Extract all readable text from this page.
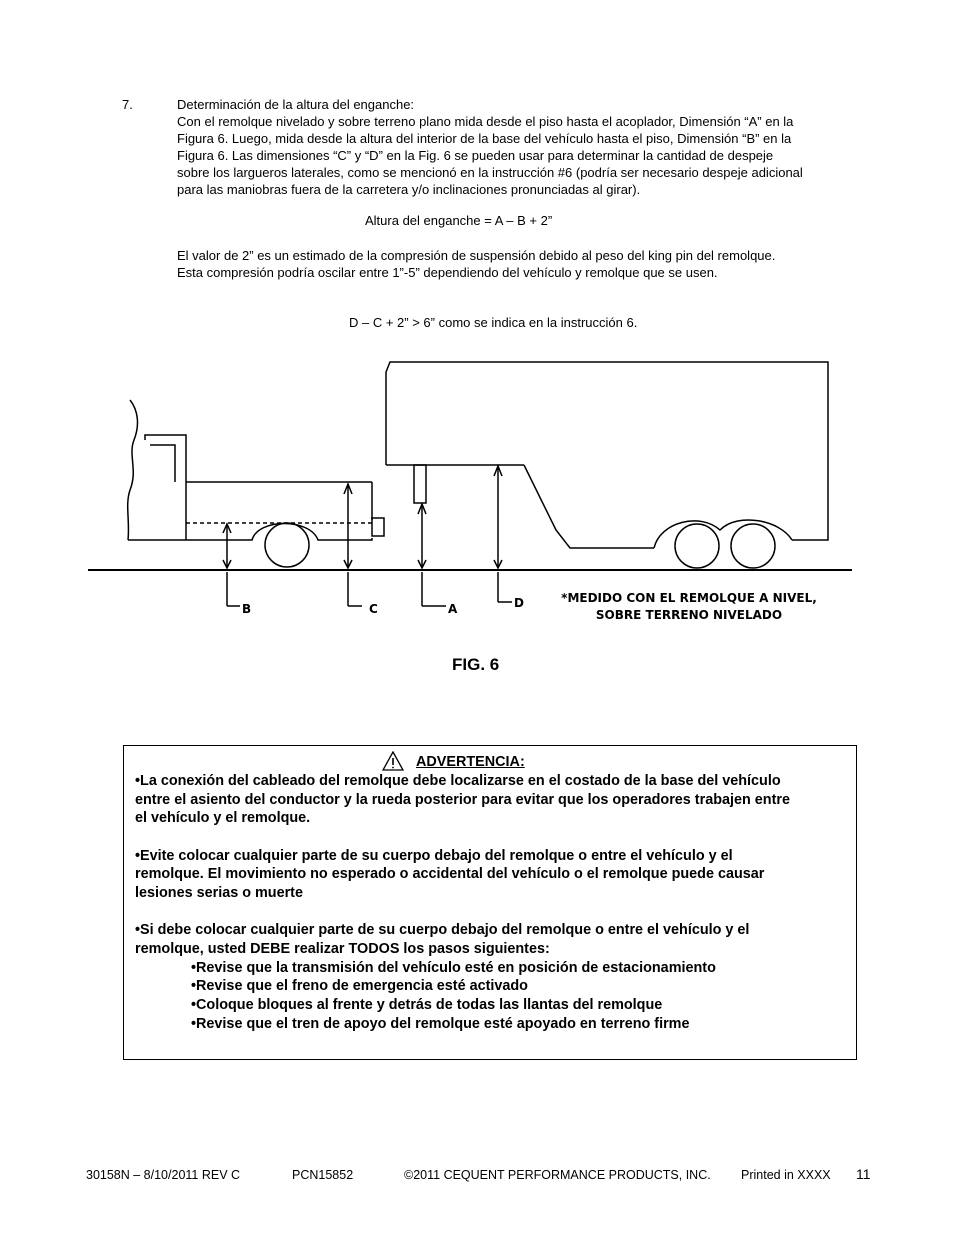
7.	Determinación de la altura del enganche:
Con el remolque nivelado y sobre terreno plano mida desde el piso hasta el acoplador, Dimensión “A” en la
Figura 6. Luego, mida desde la altura del interior de la base del vehículo hasta el piso, Dimensión “B” en la
Figura 6. Las dimensiones “C” y “D” en la Fig. 6 se pueden usar para determinar la cantidad de despeje
sobre los largueros laterales, como se mencionó en la instrucción #6 (podría ser necesario despeje adicional
para las maniobras fuera de la carretera y/o inclinaciones pronunciadas al girar).
Altura del enganche = A – B + 2”
El valor de 2” es un estimado de la compresión de suspensión debido al peso del king pin del remolque.
Esta compresión podría oscilar entre 1”-5” dependiendo del vehículo y remolque que se usen.
D – C + 2” > 6” como se indica en la instrucción 6.
B	C	A	D	*MEDIDO CON EL REMOLQUE A NIVEL,
SOBRE TERRENO NIVELADO
FIG. 6
ADVERTENCIA:
•La conexión del cableado del remolque debe localizarse en el costado de la base del vehículo
entre el asiento del conductor y la rueda posterior para evitar que los operadores trabajen entre
el vehículo y el remolque.
•Evite colocar cualquier parte de su cuerpo debajo del remolque o entre el vehículo y el
remolque. El movimiento no esperado o accidental del vehículo o el remolque puede causar
lesiones serias o muerte
•Si debe colocar cualquier parte de su cuerpo debajo del remolque o entre el vehículo y el
remolque, usted DEBE realizar TODOS los pasos siguientes:
•Revise que la transmisión del vehículo esté en posición de estacionamiento
•Revise que el freno de emergencia esté activado
•Coloque bloques al frente y detrás de todas las llantas del remolque
•Revise que el tren de apoyo del remolque esté apoyado en terreno firme
30158N – 8/10/2011 REV C	PCN15852	©2011 CEQUENT PERFORMANCE PRODUCTS, INC. Printed in XXXX 11
